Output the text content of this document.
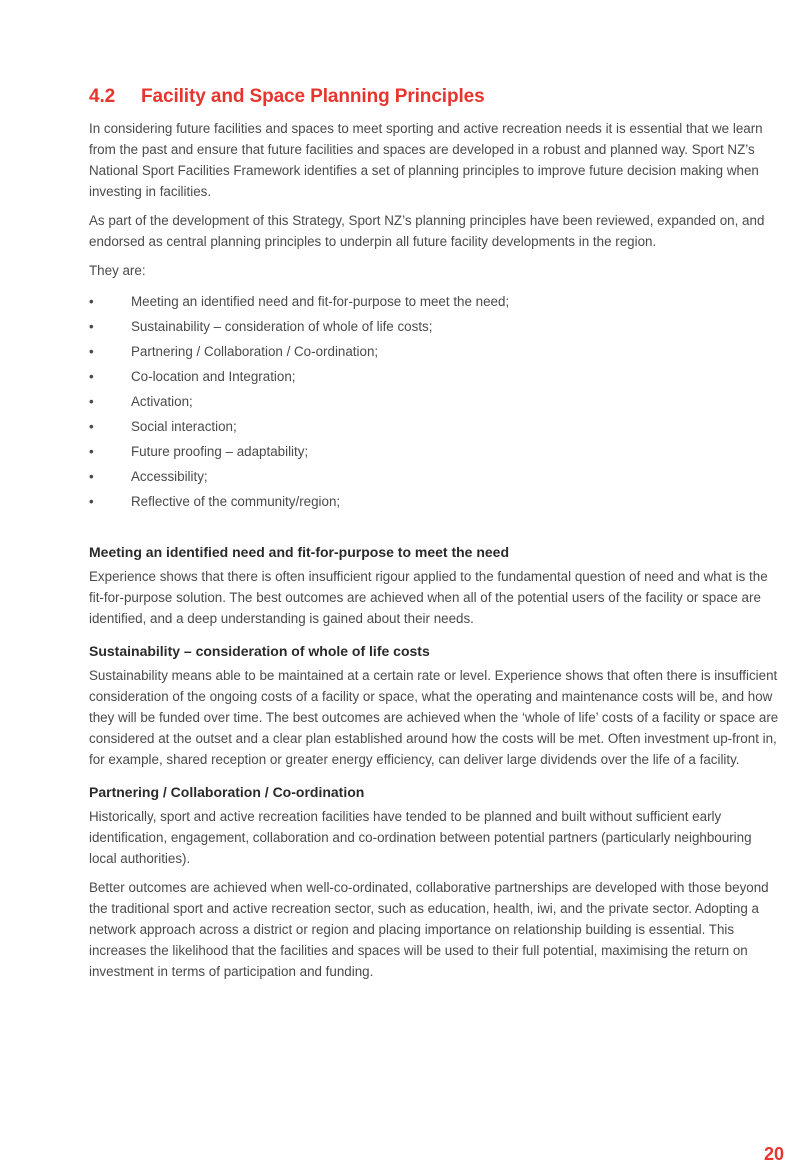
4.2	Facility and Space Planning Principles

In considering future facilities and spaces to meet sporting and active recreation needs it is essential that we learn from the past and ensure that future facilities and spaces are developed in a robust and planned way. Sport NZ’s National Sport Facilities Framework identifies a set of planning principles to improve future decision making when investing in facilities.

As part of the development of this Strategy, Sport NZ’s planning principles have been reviewed, expanded on, and endorsed as central planning principles to underpin all future facility developments in the region.

They are:

•	Meeting an identified need and fit-for-purpose to meet the need;
•	Sustainability – consideration of whole of life costs;
•	Partnering / Collaboration / Co-ordination;
•	Co-location and Integration;
•	Activation;
•	Social interaction;
•	Future proofing – adaptability;
•	Accessibility;
•	Reflective of the community/region;
Meeting an identified need and fit-for-purpose to meet the need

Experience shows that there is often insufficient rigour applied to the fundamental question of need and what is the fit-for-purpose solution. The best outcomes are achieved when all of the potential users of the facility or space are identified, and a deep understanding is gained about their needs.

Sustainability – consideration of whole of life costs

Sustainability means able to be maintained at a certain rate or level. Experience shows that often there is insufficient consideration of the ongoing costs of a facility or space, what the operating and maintenance costs will be, and how they will be funded over time. The best outcomes are achieved when the ‘whole of life’ costs of a facility or space are considered at the outset and a clear plan established around how the costs will be met. Often investment up-front in, for example, shared reception or greater energy efficiency, can deliver large dividends over the life of a facility.

Partnering / Collaboration / Co-ordination

Historically, sport and active recreation facilities have tended to be planned and built without sufficient early identification, engagement, collaboration and co-ordination between potential partners (particularly neighbouring local authorities).

Better outcomes are achieved when well-co-ordinated, collaborative partnerships are developed with those beyond the traditional sport and active recreation sector, such as education, health, iwi, and the private sector. Adopting a network approach across a district or region and placing importance on relationship building is essential. This increases the likelihood that the facilities and spaces will be used to their full potential, maximising the return on investment in terms of participation and funding.

20
